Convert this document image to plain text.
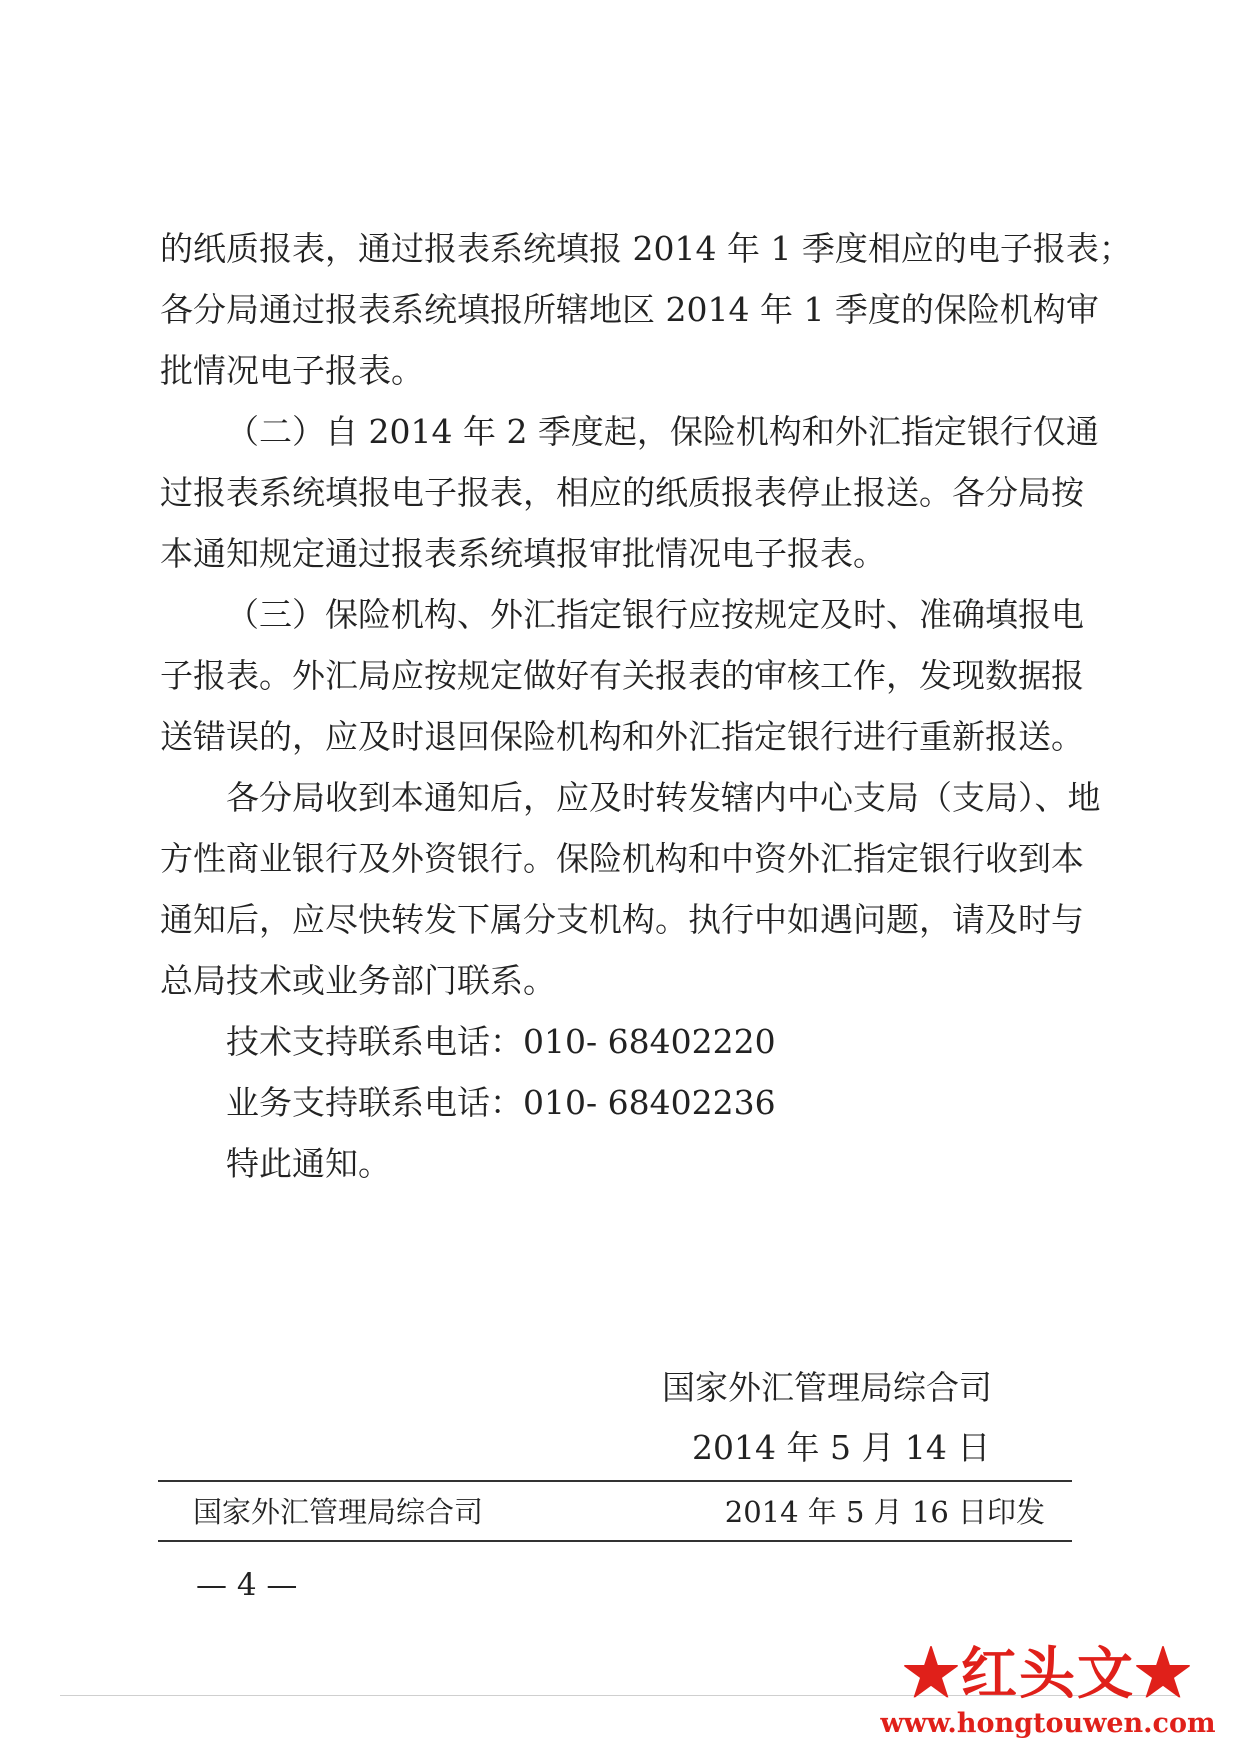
的纸质报表，通过报表系统填报 2014 年 1 季度相应的电子报表；

各分局通过报表系统填报所辖地区 2014 年 1 季度的保险机构审

批情况电子报表。

（二）自 2014 年 2 季度起，保险机构和外汇指定银行仅通

过报表系统填报电子报表，相应的纸质报表停止报送。各分局按

本通知规定通过报表系统填报审批情况电子报表。

（三）保险机构、外汇指定银行应按规定及时、准确填报电

子报表。外汇局应按规定做好有关报表的审核工作，发现数据报

送错误的，应及时退回保险机构和外汇指定银行进行重新报送。

各分局收到本通知后，应及时转发辖内中心支局（支局）、地

方性商业银行及外资银行。保险机构和中资外汇指定银行收到本

通知后，应尽快转发下属分支机构。执行中如遇问题，请及时与

总局技术或业务部门联系。

技术支持联系电话：010- 68402220

业务支持联系电话：010- 68402236

特此通知。

国家外汇管理局综合司
2014 年 5 月 14 日
国家外汇管理局综合司	2014 年 5 月 16 日印发
— 4 —
★红头文★
www.hongtouwen.com
